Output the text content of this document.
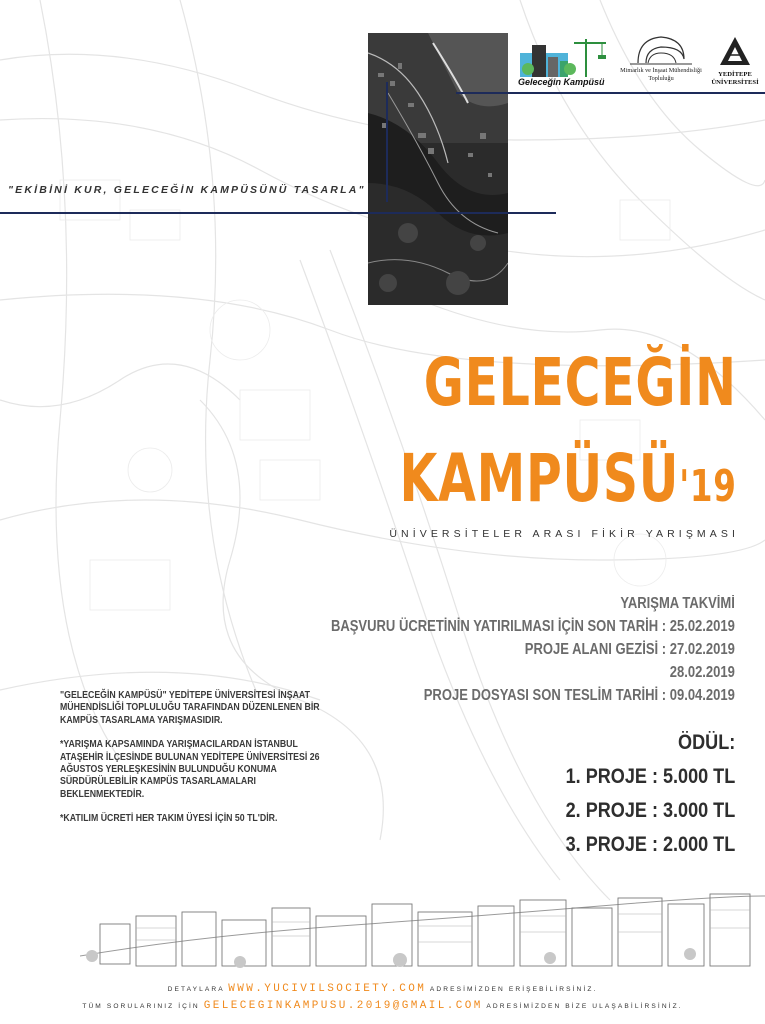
"EKİBİNİ KUR, GELECEĞİN KAMPÜSÜNÜ TASARLA"
Geleceğin Kampüsü
Mimarlık ve İnşaat Mühendisliği Topluluğu
YEDİTEPE
ÜNİVERSİTESİ
GELECEĞİN
KAMPÜSÜ'19
ÜNİVERSİTELER ARASI FİKİR YARIŞMASI
YARIŞMA TAKVİMİ
BAŞVURU ÜCRETİNİN YATIRILMASI İÇİN SON TARİH : 25.02.2019
PROJE ALANI GEZİSİ : 27.02.2019
28.02.2019
PROJE DOSYASI SON TESLİM TARİHİ : 09.04.2019

"GELECEĞİN KAMPÜSÜ" YEDİTEPE ÜNİVERSİTESİ İNŞAAT MÜHENDİSLİĞİ TOPLULUĞU TARAFINDAN DÜZENLENEN BİR KAMPÜS TASARLAMA YARIŞMASIDIR.

*YARIŞMA KAPSAMINDA YARIŞMACILARDAN İSTANBUL ATAŞEHİR İLÇESİNDE BULUNAN YEDİTEPE ÜNİVERSİTESİ 26 AĞUSTOS YERLEŞKESİNİN BULUNDUĞU KONUMA SÜRDÜRÜLEBİLİR KAMPÜS TASARLAMALARI BEKLENMEKTEDİR.

*KATILIM ÜCRETİ HER TAKIM ÜYESİ İÇİN 50 TL'DİR.

ÖDÜL:
1. PROJE : 5.000 TL
2. PROJE : 3.000 TL
3. PROJE : 2.000 TL
DETAYLARA WWW.YUCIVILSOCIETY.COM ADRESİMİZDEN ERİŞEBİLİRSİNİZ.
TÜM SORULARINIZ İÇİN GELECEGINKAMPUSU.2019@GMAIL.COM ADRESİMİZDEN BİZE ULAŞABİLİRSİNİZ.
